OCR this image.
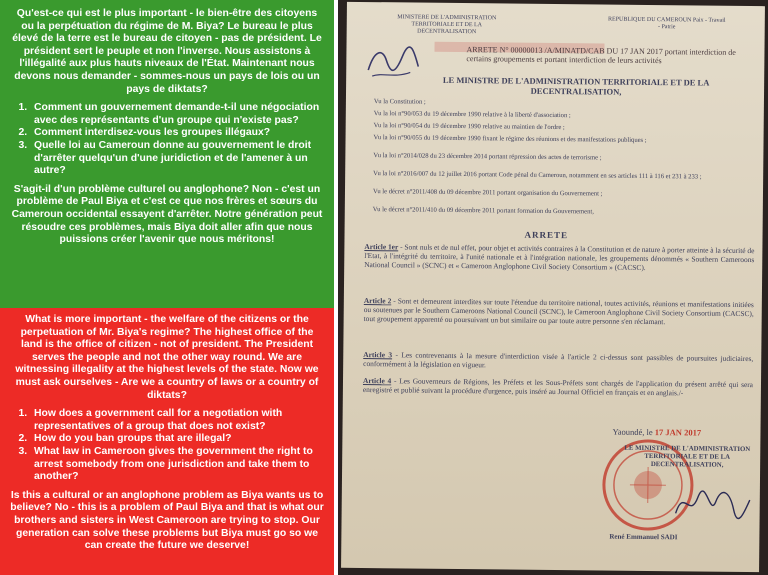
Qu'est-ce qui est le plus important - le bien-être des citoyens ou la perpétuation du régime de M. Biya? Le bureau le plus élevé de la terre est le bureau de citoyen - pas de président. Le président sert le peuple et non l'inverse. Nous assistons à l'illégalité aux plus hauts niveaux de l'État. Maintenant nous devons nous demander - sommes-nous un pays de lois ou un pays de diktats?

1. Comment un gouvernement demande-t-il une négociation avec des représentants d'un groupe qui n'existe pas?
2. Comment interdisez-vous les groupes illégaux?
3. Quelle loi au Cameroun donne au gouvernement le droit d'arrêter quelqu'un d'une juridiction et de l'amener à un autre?

S'agit-il d'un problème culturel ou anglophone? Non - c'est un problème de Paul Biya et c'est ce que nos frères et sœurs du Cameroun occidental essayent d'arrêter. Notre génération peut résoudre ces problèmes, mais Biya doit aller afin que nous puissions créer l'avenir que nous méritons!

What is more important - the welfare of the citizens or the perpetuation of Mr. Biya's regime? The highest office of the land is the office of citizen - not of president. The President serves the people and not the other way round. We are witnessing illegality at the highest levels of the state. Now we must ask ourselves - Are we a country of laws or a country of diktats?

1. How does a government call for a negotiation with representatives of a group that does not exist?
2. How do you ban groups that are illegal?
3. What law in Cameroon gives the government the right to arrest somebody from one jurisdiction and take them to another?

Is this a cultural or an anglophone problem as Biya wants us to believe? No - this is a problem of Paul Biya and that is what our brothers and sisters in West Cameroon are trying to stop. Our generation can solve these problems but Biya must go so we can create the future we deserve!

MINISTERE DE L'ADMINISTRATION TERRITORIALE ET DE LA DECENTRALISATION
REPUBLIQUE DU CAMEROUN Paix - Travail - Patrie
ARRETE N° 00000013 /A/MINATD/CAB DU 17 JAN 2017 portant interdiction de certains groupements et portant interdiction de leurs activités
LE MINISTRE DE L'ADMINISTRATION TERRITORIALE ET DE LA DECENTRALISATION,
Vu la Constitution ;
Vu la loi n°90/053 du 19 décembre 1990 relative à la liberté d'association ;
Vu la loi n°90/054 du 19 décembre 1990 relative au maintien de l'ordre ;
Vu la loi n°90/055 du 19 décembre 1990 fixant le régime des réunions et des manifestations publiques ;
Vu la loi n°2014/028 du 23 décembre 2014 portant répression des actes de terrorisme ;
Vu la loi n°2016/007 du 12 juillet 2016 portant Code pénal du Cameroun, notamment en ses articles 111 à 116 et 231 à 233 ;
Vu le décret n°2011/408 du 09 décembre 2011 portant organisation du Gouvernement ;
Vu le décret n°2011/410 du 09 décembre 2011 portant formation du Gouvernement,
ARRETE
Article 1er - Sont nuls et de nul effet, pour objet et activités contraires à la Constitution et de nature à porter atteinte à la sécurité de l'Etat, à l'intégrité du territoire, à l'unité nationale et à l'intégration nationale, les groupements dénommés « Southern Cameroons National Council » (SCNC) et « Cameroon Anglophone Civil Society Consortium » (CACSC).
Article 2 - Sont et demeurent interdites sur toute l'étendue du territoire national, toutes activités, réunions et manifestations initiées ou soutenues par le Southern Cameroons National Council (SCNC), le Cameroon Anglophone Civil Society Consortium (CACSC), tout groupement apparenté ou poursuivant un but similaire ou par toute autre personne s'en réclamant.
Article 3 - Les contrevenants à la mesure d'interdiction visée à l'article 2 ci-dessus sont passibles de poursuites judiciaires, conformément à la législation en vigueur.
Article 4 - Les Gouverneurs de Régions, les Préfets et les Sous-Préfets sont chargés de l'application du présent arrêté qui sera enregistré et publié suivant la procédure d'urgence, puis inséré au Journal Officiel en français et en anglais./-
Yaoundé, le 17 JAN 2017
LE MINISTRE DE L'ADMINISTRATION TERRITORIALE ET DE LA DECENTRALISATION,
René Emmanuel SADI
